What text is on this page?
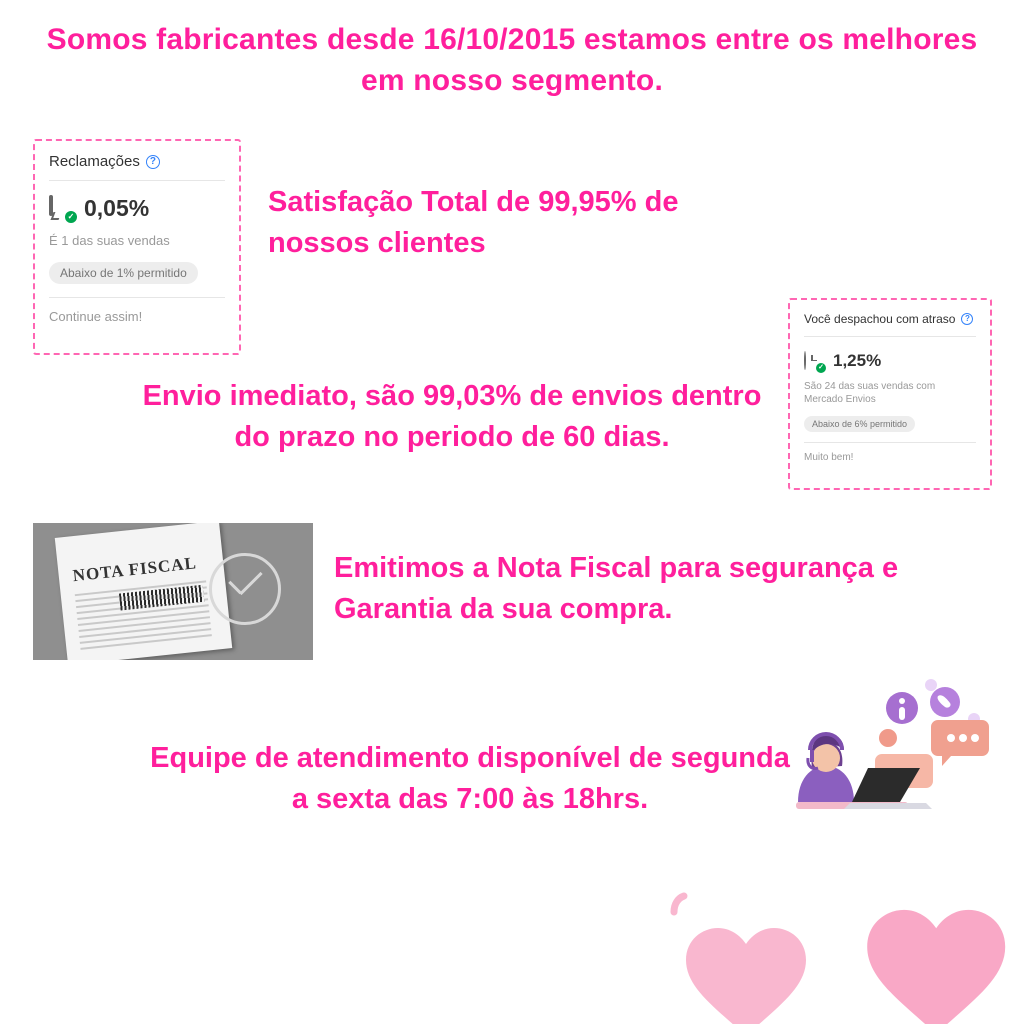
Somos fabricantes desde 16/10/2015 estamos entre os melhores em nosso segmento.
Reclamações ?
✓ 0,05%
É 1 das suas vendas
Abaixo de 1% permitido
Continue assim!
Satisfação Total de 99,95% de nossos clientes
Você despachou com atraso	?
✓ 1,25%
São 24 das suas vendas com Mercado Envios
Abaixo de 6% permitido
Muito bem!
Envio imediato, são 99,03% de envios dentro do prazo no periodo de 60 dias.
NOTA FISCAL	Emitimos a Nota Fiscal para segurança e Garantia da sua compra.
Equipe de atendimento disponível de segunda a sexta das 7:00 às 18hrs.
